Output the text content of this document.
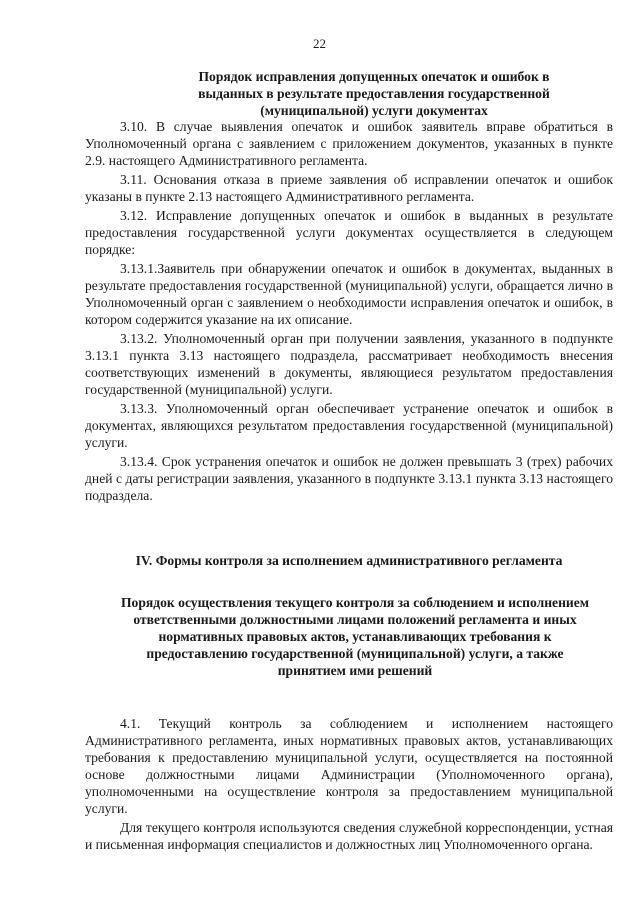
22
Порядок исправления допущенных опечаток и ошибок в выданных в результате предоставления государственной (муниципальной) услуги документах

3.10. В случае выявления опечаток и ошибок заявитель вправе обратиться в Уполномоченный органа с заявлением с приложением документов, указанных в пункте 2.9. настоящего Административного регламента.

3.11. Основания отказа в приеме заявления об исправлении опечаток и ошибок указаны в пункте 2.13 настоящего Административного регламента.

3.12. Исправление допущенных опечаток и ошибок в выданных в результате предоставления государственной услуги документах осуществляется в следующем порядке:

3.13.1.Заявитель при обнаружении опечаток и ошибок в документах, выданных в результате предоставления государственной (муниципальной) услуги, обращается лично в Уполномоченный орган с заявлением о необходимости исправления опечаток и ошибок, в котором содержится указание на их описание.

3.13.2. Уполномоченный орган при получении заявления, указанного в подпункте 3.13.1 пункта 3.13 настоящего подраздела, рассматривает необходимость внесения соответствующих изменений в документы, являющиеся результатом предоставления государственной (муниципальной) услуги.

3.13.3. Уполномоченный орган обеспечивает устранение опечаток и ошибок в документах, являющихся результатом предоставления государственной (муниципальной) услуги.

3.13.4. Срок устранения опечаток и ошибок не должен превышать 3 (трех) рабочих дней с даты регистрации заявления, указанного в подпункте 3.13.1 пункта 3.13 настоящего подраздела.

IV. Формы контроля за исполнением административного регламента
Порядок осуществления текущего контроля за соблюдением и исполнением ответственными должностными лицами положений регламента и иных нормативных правовых актов, устанавливающих требования к предоставлению государственной (муниципальной) услуги, а также принятием ими решений

4.1. Текущий контроль за соблюдением и исполнением настоящего Административного регламента, иных нормативных правовых актов, устанавливающих требования к предоставлению муниципальной услуги, осуществляется на постоянной основе должностными лицами Администрации (Уполномоченного органа), уполномоченными на осуществление контроля за предоставлением муниципальной услуги.

Для текущего контроля используются сведения служебной корреспонденции, устная и письменная информация специалистов и должностных лиц Уполномоченного органа.
